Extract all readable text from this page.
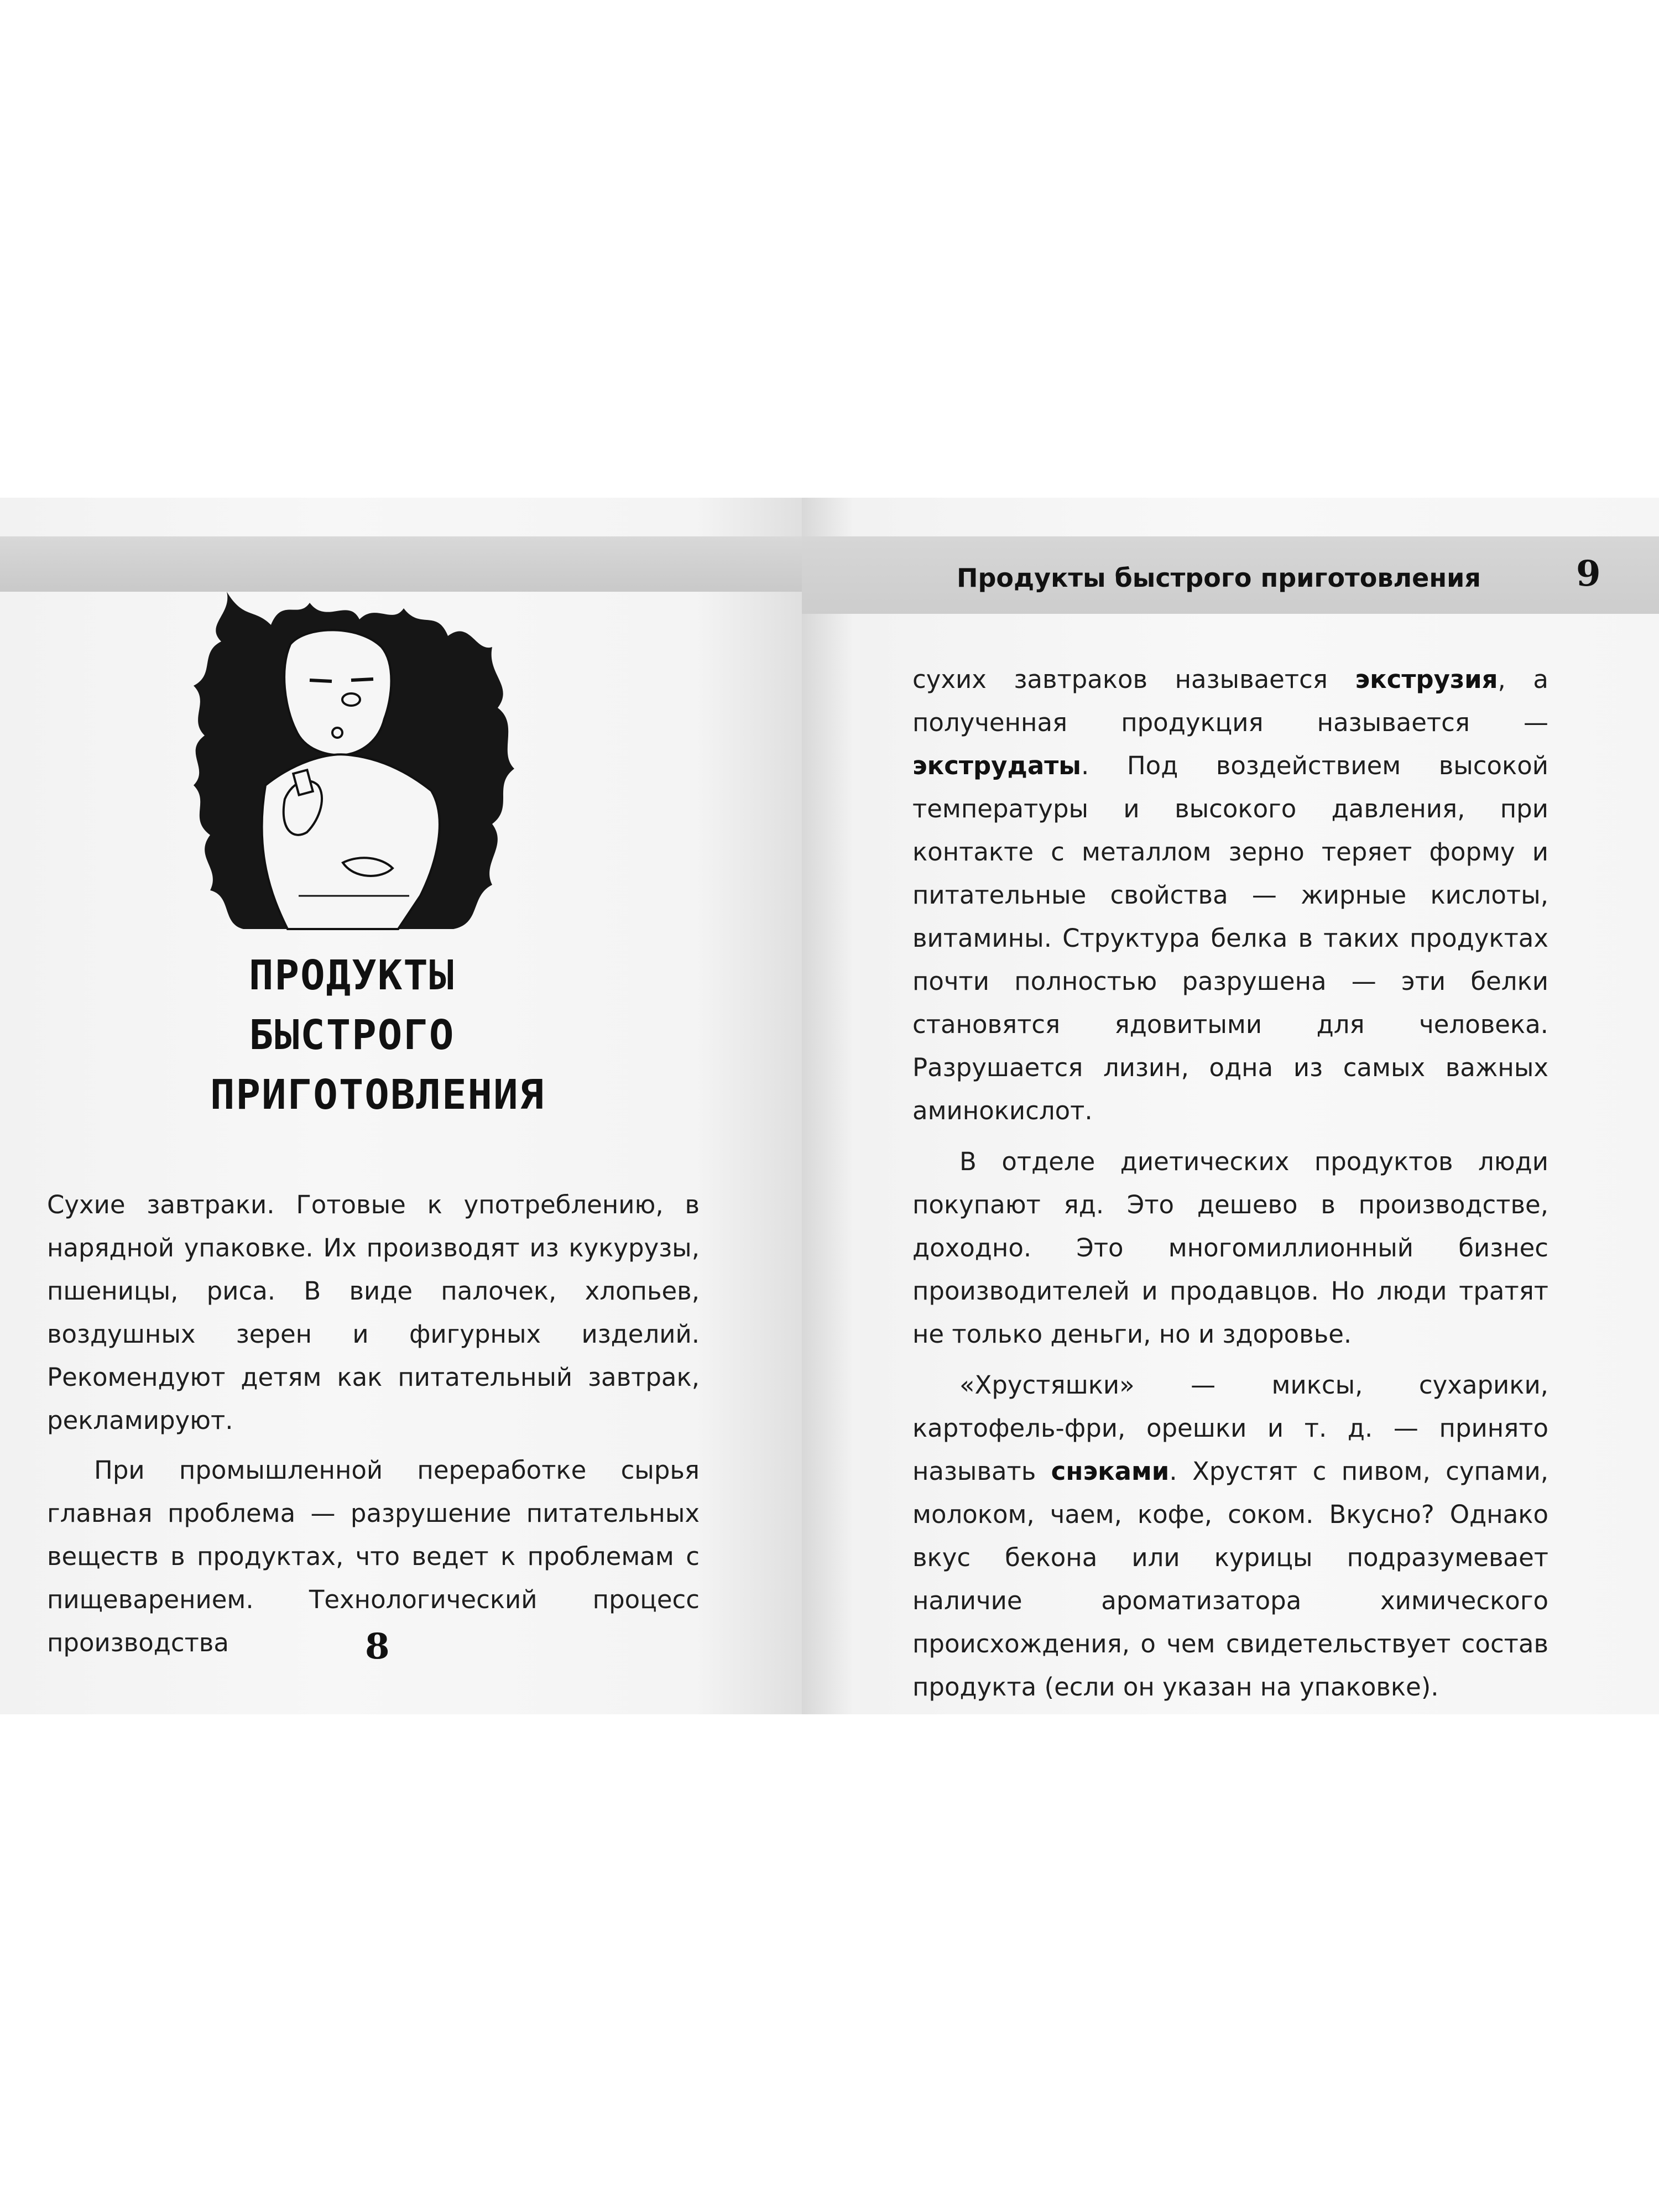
ПРОДУКТЫ
БЫСТРОГО
ПРИГОТОВЛЕНИЯ

Сухие завтраки. Готовые к употреблению, в нарядной упаковке. Их производят из кукурузы, пшеницы, риса. В виде палочек, хлопьев, воздушных зерен и фигурных изделий. Рекомендуют детям как питательный завтрак, рекламируют.

При промышленной переработке сырья главная проблема — разрушение питательных веществ в продуктах, что ведет к проблемам с пищеварением. Технологический процесс производства	8
Продукты быстрого приготовления	9

сухих завтраков называется экструзия, а полученная продукция называется — экструдаты. Под воздействием высокой температуры и высокого давления, при контакте с металлом зерно теряет форму и питательные свойства — жирные кислоты, витамины. Структура белка в таких продуктах почти полностью разрушена — эти белки становятся ядовитыми для человека. Разрушается лизин, одна из самых важных аминокислот.

В отделе диетических продуктов люди покупают яд. Это дешево в производстве, доходно. Это многомиллионный бизнес производителей и продавцов. Но люди тратят не только деньги, но и здоровье.

«Хрустяшки» — миксы, сухарики, картофель-фри, орешки и т. д. — принято называть снэками. Хрустят с пивом, супами, молоком, чаем, кофе, соком. Вкусно? Однако вкус бекона или курицы подразумевает наличие ароматизатора химического происхождения, о чем свидетельствует состав продукта (если он указан на упаковке).
